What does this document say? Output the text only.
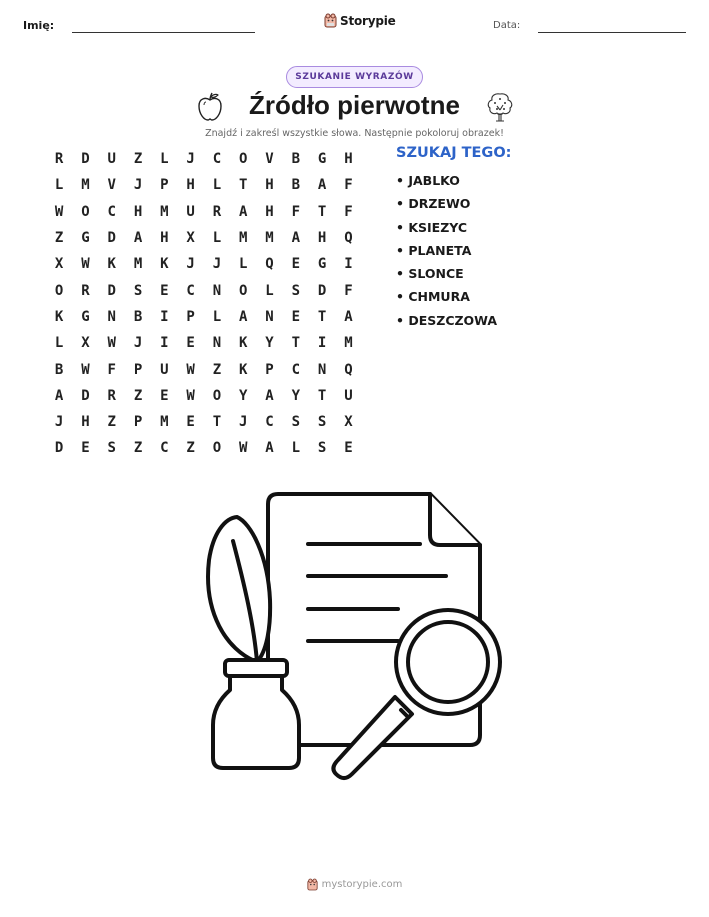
Imię:	Storypie	Data:
SZUKANIE WYRAZÓW
Źródło pierwotne
Znajdź i zakreśl wszystkie słowa. Następnie pokoloruj obrazek!
R	D	U	Z	L	J	C	O	V	B	G	H
L	M	V	J	P	H	L	T	H	B	A	F
W	O	C	H	M	U	R	A	H	F	T	F
Z	G	D	A	H	X	L	M	M	A	H	Q
X	W	K	M	K	J	J	L	Q	E	G	I
O	R	D	S	E	C	N	O	L	S	D	F
K	G	N	B	I	P	L	A	N	E	T	A
L	X	W	J	I	E	N	K	Y	T	I	M
B	W	F	P	U	W	Z	K	P	C	N	Q
A	D	R	Z	E	W	O	Y	A	Y	T	U
J	H	Z	P	M	E	T	J	C	S	S	X
D	E	S	Z	C	Z	O	W	A	L	S	E
SZUKAJ TEGO:
• JABLKO
• DRZEWO
• KSIEZYC
• PLANETA
• SLONCE
• CHMURA
• DESZCZOWA
mystorypie.com
